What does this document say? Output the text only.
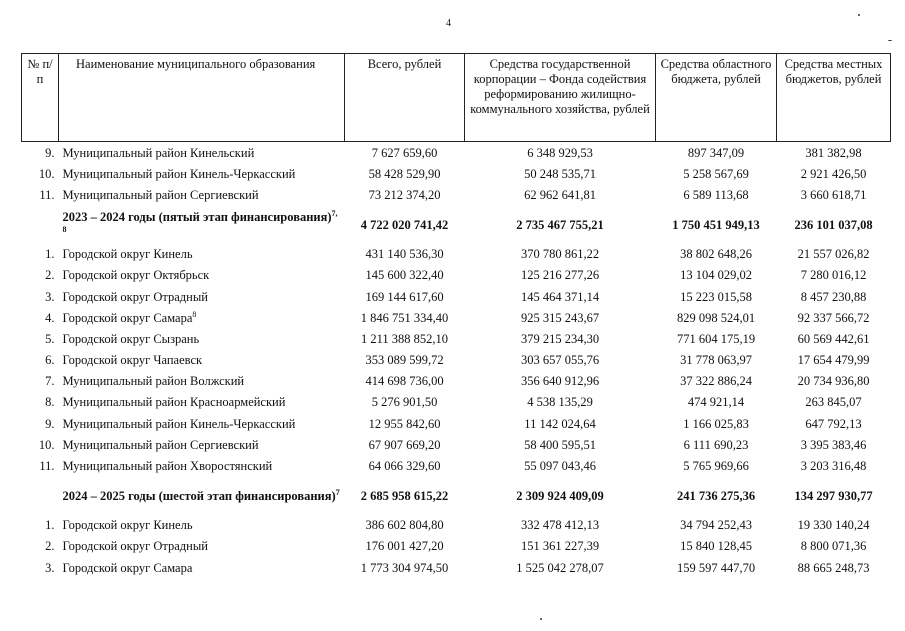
4
№ п/п	Наименование муниципального образования	Всего, рублей	Средства государственной корпорации – Фонда содействия реформированию жилищно-коммунального хозяйства, рублей	Средства областного бюджета, рублей	Средства местных бюджетов, рублей
9.	Муниципальный район Кинельский	7 627 659,60	6 348 929,53	897 347,09	381 382,98
10.	Муниципальный район Кинель-Черкасский	58 428 529,90	50 248 535,71	5 258 567,69	2 921 426,50
11.	Муниципальный район Сергиевский	73 212 374,20	62 962 641,81	6 589 113,68	3 660 618,71
	2023 – 2024 годы (пятый этап финансирования)$^{7, 8}$	4 722 020 741,42	2 735 467 755,21	1 750 451 949,13	236 101 037,08
1.	Городской округ Кинель	431 140 536,30	370 780 861,22	38 802 648,26	21 557 026,82
2.	Городской округ Октябрьск	145 600 322,40	125 216 277,26	13 104 029,02	7 280 016,12
3.	Городской округ Отрадный	169 144 617,60	145 464 371,14	15 223 015,58	8 457 230,88
4.	Городской округ Самара$^8$	1 846 751 334,40	925 315 243,67	829 098 524,01	92 337 566,72
5.	Городской округ Сызрань	1 211 388 852,10	379 215 234,30	771 604 175,19	60 569 442,61
6.	Городской округ Чапаевск	353 089 599,72	303 657 055,76	31 778 063,97	17 654 479,99
7.	Муниципальный район Волжский	414 698 736,00	356 640 912,96	37 322 886,24	20 734 936,80
8.	Муниципальный район Красноармейский	5 276 901,50	4 538 135,29	474 921,14	263 845,07
9.	Муниципальный район Кинель-Черкасский	12 955 842,60	11 142 024,64	1 166 025,83	647 792,13
10.	Муниципальный район Сергиевский	67 907 669,20	58 400 595,51	6 111 690,23	3 395 383,46
11.	Муниципальный район Хворостянский	64 066 329,60	55 097 043,46	5 765 969,66	3 203 316,48
	2024 – 2025 годы (шестой этап финансирования)$^7$	2 685 958 615,22	2 309 924 409,09	241 736 275,36	134 297 930,77
1.	Городской округ Кинель	386 602 804,80	332 478 412,13	34 794 252,43	19 330 140,24
2.	Городской округ Отрадный	176 001 427,20	151 361 227,39	15 840 128,45	8 800 071,36
3.	Городской округ Самара	1 773 304 974,50	1 525 042 278,07	159 597 447,70	88 665 248,73
